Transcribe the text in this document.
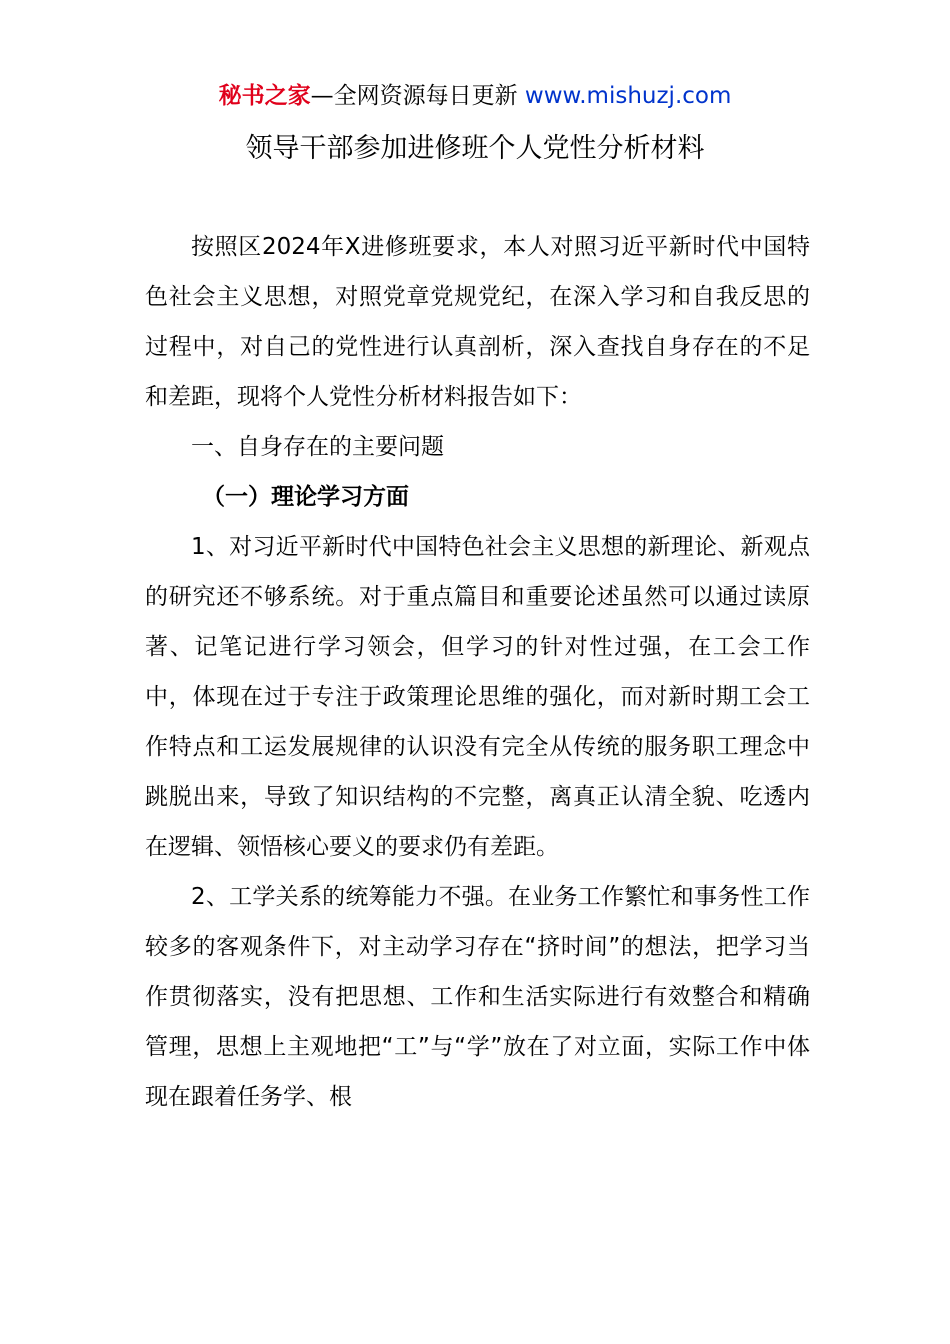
秘书之家—全网资源每日更新 www.mishuzj.com
领导干部参加进修班个人党性分析材料

按照区2024年X进修班要求，本人对照习近平新时代中国特色社会主义思想，对照党章党规党纪，在深入学习和自我反思的过程中，对自己的党性进行认真剖析，深入查找自身存在的不足和差距，现将个人党性分析材料报告如下：

一、自身存在的主要问题

（一）理论学习方面

1、对习近平新时代中国特色社会主义思想的新理论、新观点的研究还不够系统。对于重点篇目和重要论述虽然可以通过读原著、记笔记进行学习领会，但学习的针对性过强，在工会工作中，体现在过于专注于政策理论思维的强化，而对新时期工会工作特点和工运发展规律的认识没有完全从传统的服务职工理念中跳脱出来，导致了知识结构的不完整，离真正认清全貌、吃透内在逻辑、领悟核心要义的要求仍有差距。

2、工学关系的统筹能力不强。在业务工作繁忙和事务性工作较多的客观条件下，对主动学习存在“挤时间”的想法，把学习当作贯彻落实，没有把思想、工作和生活实际进行有效整合和精确管理，思想上主观地把“工”与“学”放在了对立面，实际工作中体现在跟着任务学、根
